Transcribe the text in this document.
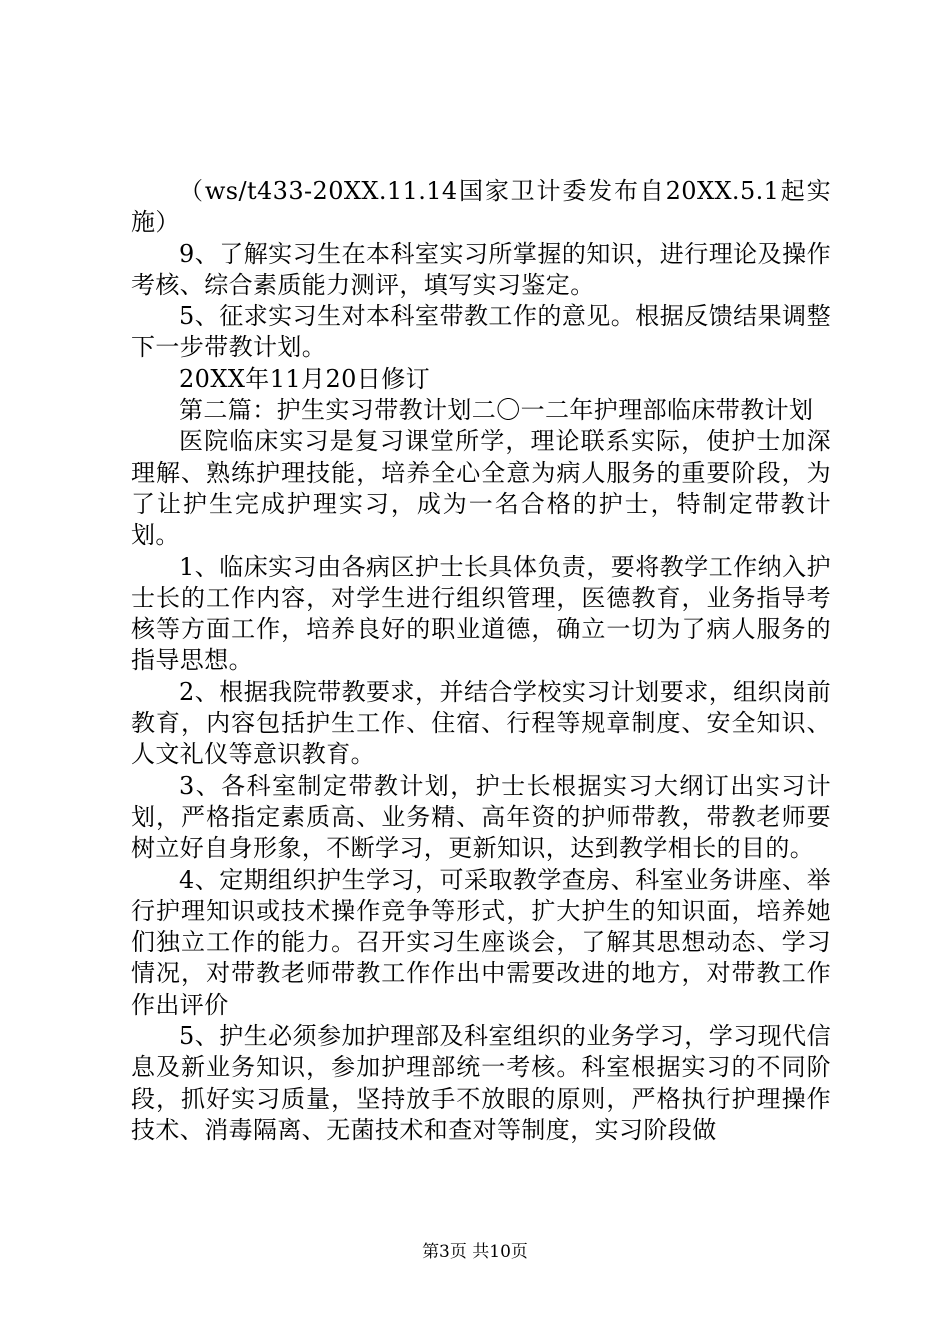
（ws/t433-20XX.11.14国家卫计委发布自20XX.5.1起实施）

9、了解实习生在本科室实习所掌握的知识，进行理论及操作考核、综合素质能力测评，填写实习鉴定。

5、征求实习生对本科室带教工作的意见。根据反馈结果调整下一步带教计划。

20XX年11月20日修订

第二篇：护生实习带教计划二〇一二年护理部临床带教计划

医院临床实习是复习课堂所学，理论联系实际，使护士加深理解、熟练护理技能，培养全心全意为病人服务的重要阶段，为了让护生完成护理实习，成为一名合格的护士，特制定带教计划。

1、临床实习由各病区护士长具体负责，要将教学工作纳入护士长的工作内容，对学生进行组织管理，医德教育，业务指导考核等方面工作，培养良好的职业道德，确立一切为了病人服务的指导思想。

2、根据我院带教要求，并结合学校实习计划要求，组织岗前教育，内容包括护生工作、住宿、行程等规章制度、安全知识、人文礼仪等意识教育。

3、各科室制定带教计划，护士长根据实习大纲订出实习计划，严格指定素质高、业务精、高年资的护师带教，带教老师要树立好自身形象，不断学习，更新知识，达到教学相长的目的。

4、定期组织护生学习，可采取教学查房、科室业务讲座、举行护理知识或技术操作竞争等形式，扩大护生的知识面，培养她们独立工作的能力。召开实习生座谈会，了解其思想动态、学习情况，对带教老师带教工作作出中需要改进的地方，对带教工作作出评价

5、护生必须参加护理部及科室组织的业务学习，学习现代信息及新业务知识，参加护理部统一考核。科室根据实习的不同阶段，抓好实习质量，坚持放手不放眼的原则，严格执行护理操作技术、消毒隔离、无菌技术和查对等制度，实习阶段做

第3页 共10页
